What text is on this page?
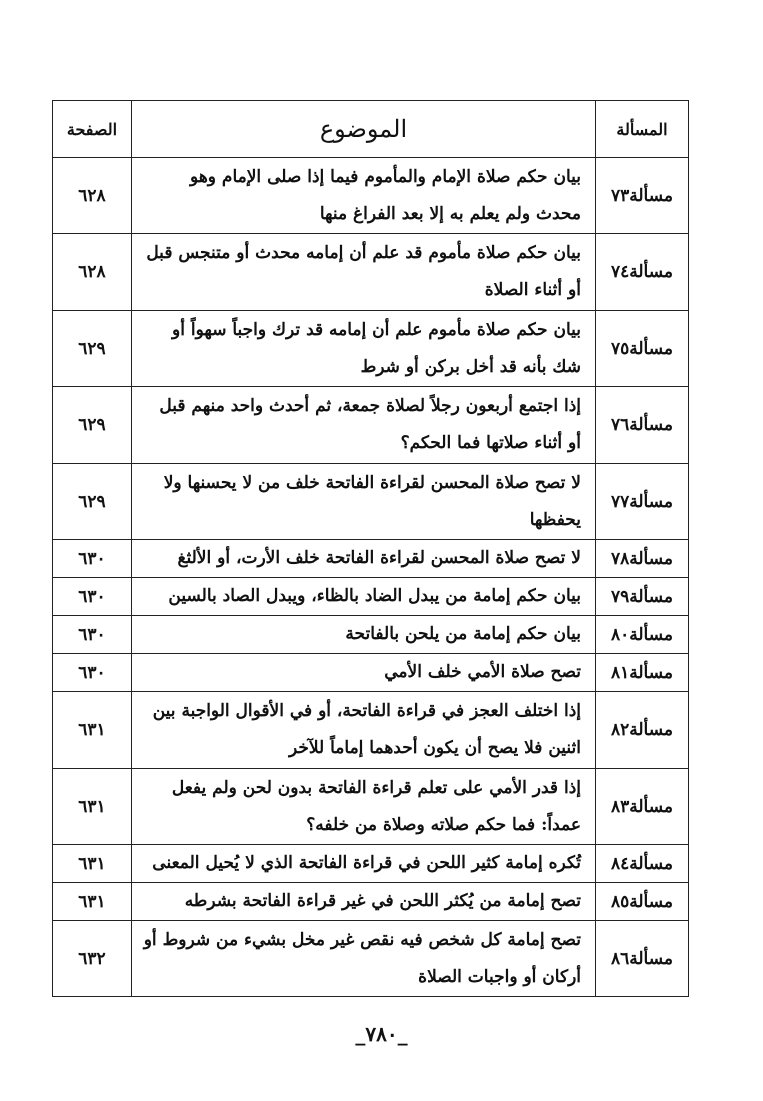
المسألة	الموضوع	الصفحة
مسألة٧٣	بيان حكم صلاة الإمام والمأموم فيما إذا صلى الإمام وهو محدث ولم يعلم به إلا بعد الفراغ منها	٦٢٨
مسألة٧٤	بيان حكم صلاة مأموم قد علم أن إمامه محدث أو متنجس قبل أو أثناء الصلاة	٦٢٨
مسألة٧٥	بيان حكم صلاة مأموم علم أن إمامه قد ترك واجباً سهواً أو شك بأنه قد أخل بركن أو شرط	٦٢٩
مسألة٧٦	إذا اجتمع أربعون رجلاً لصلاة جمعة، ثم أحدث واحد منهم قبل أو أثناء صلاتها فما الحكم؟	٦٢٩
مسألة٧٧	لا تصح صلاة المحسن لقراءة الفاتحة خلف من لا يحسنها ولا يحفظها	٦٢٩
مسألة٧٨	لا تصح صلاة المحسن لقراءة الفاتحة خلف الأرت، أو الألثغ	٦٣٠
مسألة٧٩	بيان حكم إمامة من يبدل الضاد بالظاء، ويبدل الصاد بالسين	٦٣٠
مسألة٨٠	بيان حكم إمامة من يلحن بالفاتحة	٦٣٠
مسألة٨١	تصح صلاة الأمي خلف الأمي	٦٣٠
مسألة٨٢	إذا اختلف العجز في قراءة الفاتحة، أو في الأقوال الواجبة بين اثنين فلا يصح أن يكون أحدهما إماماً للآخر	٦٣١
مسألة٨٣	إذا قدر الأمي على تعلم قراءة الفاتحة بدون لحن ولم يفعل عمداً: فما حكم صلاته وصلاة من خلفه؟	٦٣١
مسألة٨٤	تُكره إمامة كثير اللحن في قراءة الفاتحة الذي لا يُحيل المعنى	٦٣١
مسألة٨٥	تصح إمامة من يُكثر اللحن في غير قراءة الفاتحة بشرطه	٦٣١
مسألة٨٦	تصح إمامة كل شخص فيه نقص غير مخل بشيء من شروط أو أركان أو واجبات الصلاة	٦٣٢
_٧٨٠_
